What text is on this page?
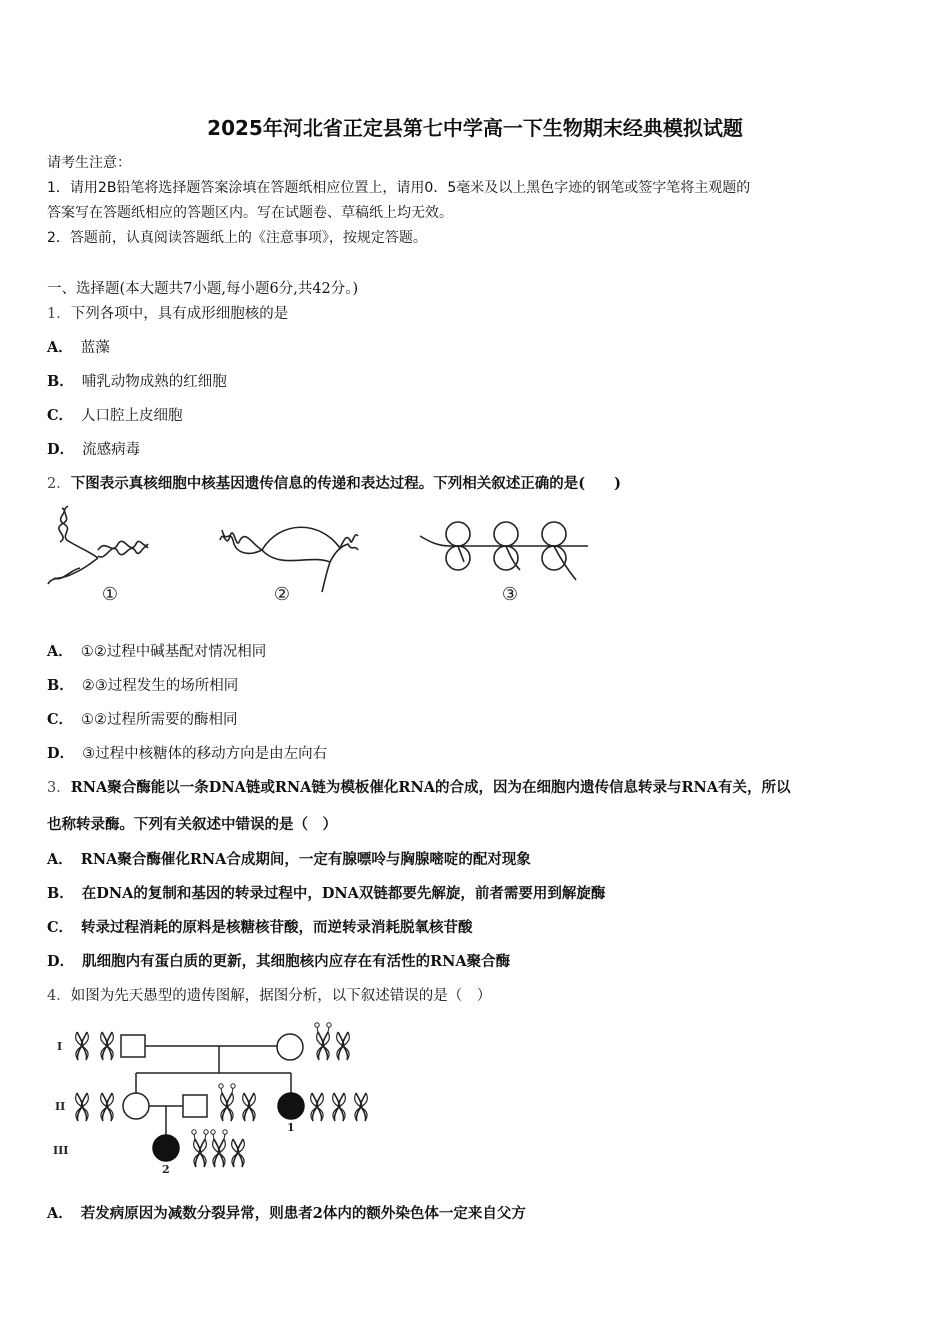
2025年河北省正定县第七中学高一下生物期末经典模拟试题
请考生注意：
1．请用2B铅笔将选择题答案涂填在答题纸相应位置上，请用0．5毫米及以上黑色字迹的钢笔或签字笔将主观题的
答案写在答题纸相应的答题区内。写在试题卷、草稿纸上均无效。
2．答题前，认真阅读答题纸上的《注意事项》，按规定答题。
一、选择题(本大题共7小题,每小题6分,共42分。)
1．下列各项中，具有成形细胞核的是
A． 蓝藻
B． 哺乳动物成熟的红细胞
C． 人口腔上皮细胞
D． 流感病毒
2．下图表示真核细胞中核基因遗传信息的传递和表达过程。下列相关叙述正确的是(　　)
①	②	③
A． ①②过程中碱基配对情况相同
B． ②③过程发生的场所相同
C． ①②过程所需要的酶相同
D． ③过程中核糖体的移动方向是由左向右
3．RNA聚合酶能以一条DNA链或RNA链为模板催化RNA的合成，因为在细胞内遗传信息转录与RNA有关，所以
也称转录酶。下列有关叙述中错误的是（　）
A． RNA聚合酶催化RNA合成期间，一定有腺嘌呤与胸腺嘧啶的配对现象
B． 在DNA的复制和基因的转录过程中，DNA双链都要先解旋，前者需要用到解旋酶
C． 转录过程消耗的原料是核糖核苷酸，而逆转录消耗脱氧核苷酸
D． 肌细胞内有蛋白质的更新，其细胞核内应存在有活性的RNA聚合酶
4．如图为先天愚型的遗传图解，据图分析，以下叙述错误的是（　）
I
II
III
1
2
A． 若发病原因为减数分裂异常，则患者2体内的额外染色体一定来自父方
